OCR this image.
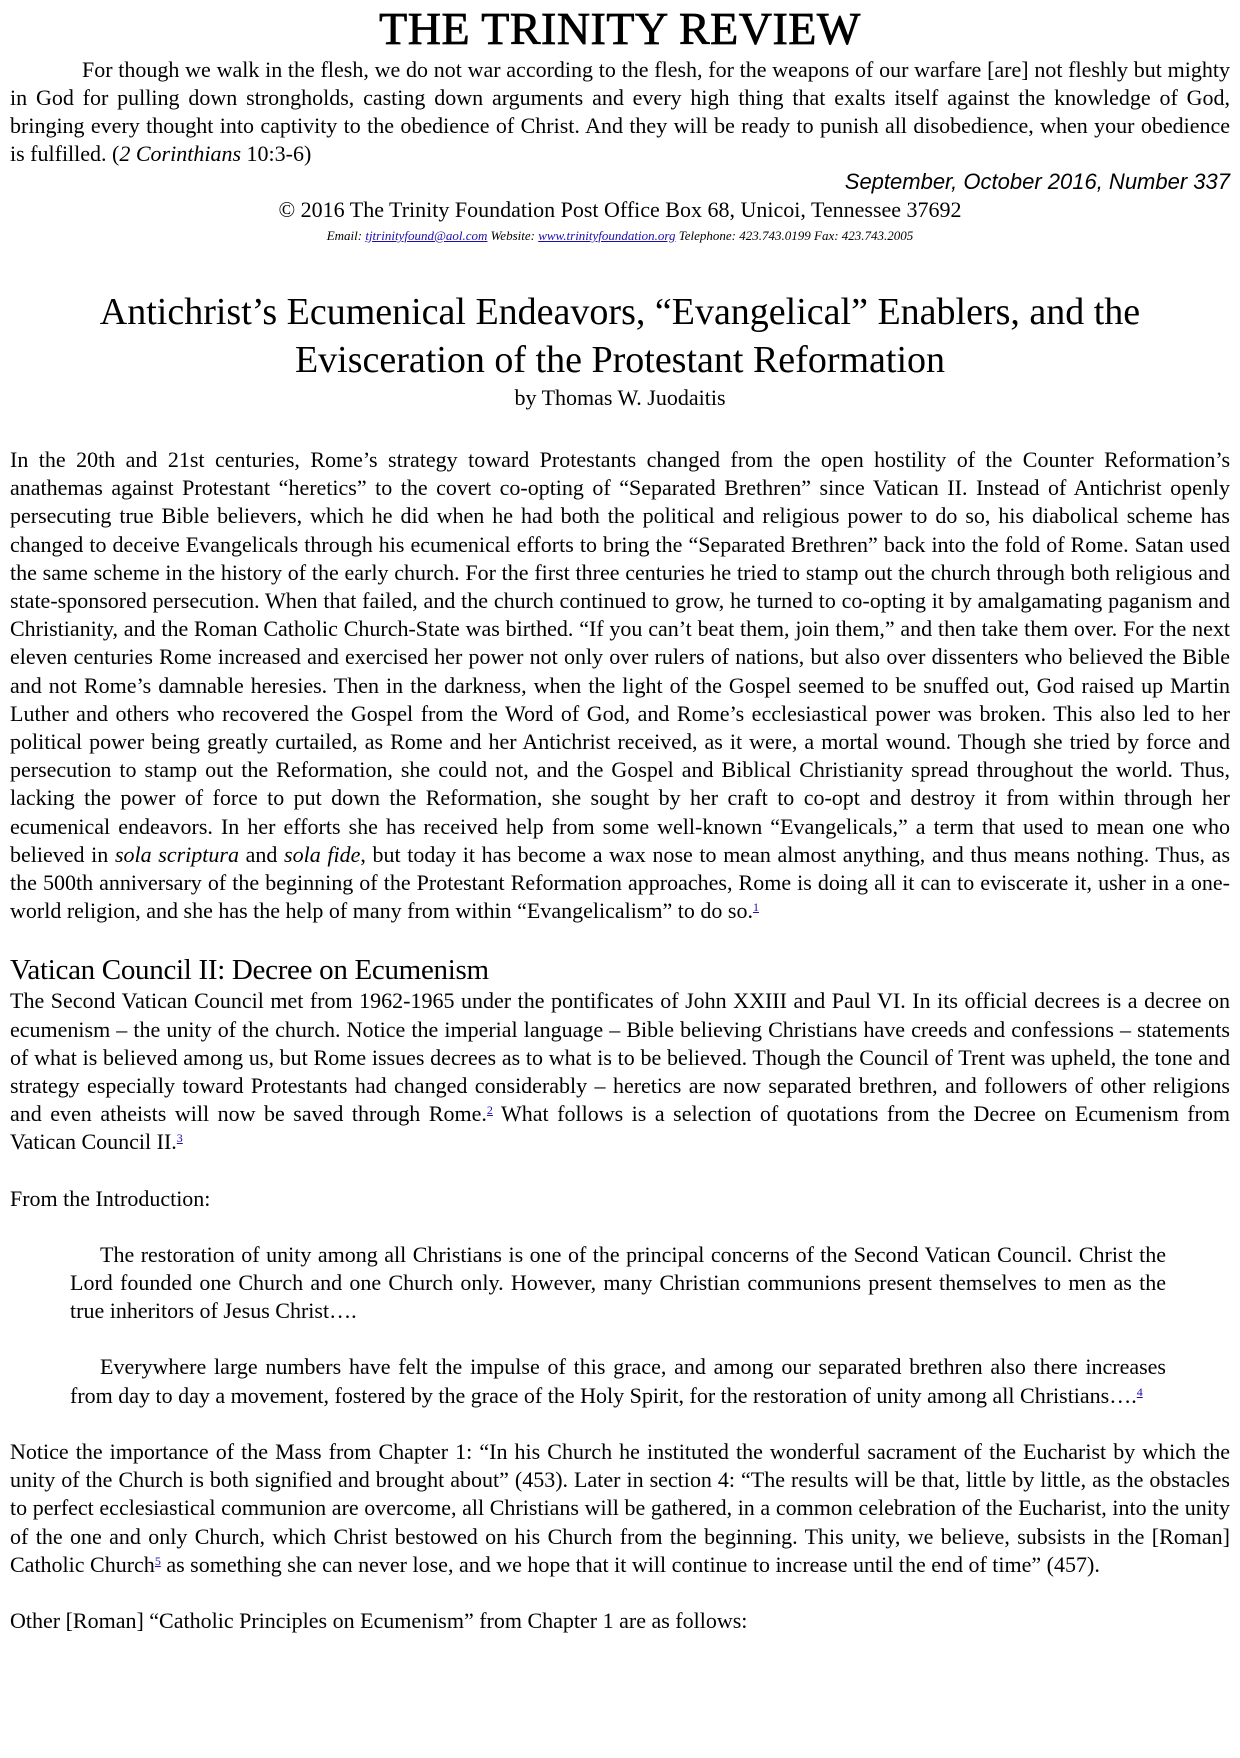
THE TRINITY REVIEW

For though we walk in the flesh, we do not war according to the flesh, for the weapons of our warfare [are] not fleshly but mighty in God for pulling down strongholds, casting down arguments and every high thing that exalts itself against the knowledge of God, bringing every thought into captivity to the obedience of Christ. And they will be ready to punish all disobedience, when your obedience is fulfilled. (2 Corinthians 10:3-6)

September, October 2016, Number 337

© 2016 The Trinity Foundation Post Office Box 68, Unicoi, Tennessee 37692

Email: tjtrinityfound@aol.com Website: www.trinityfoundation.org Telephone: 423.743.0199 Fax: 423.743.2005

Antichrist’s Ecumenical Endeavors, “Evangelical” Enablers, and the
Evisceration of the Protestant Reformation

by Thomas W. Juodaitis

In the 20th and 21st centuries, Rome’s strategy toward Protestants changed from the open hostility of the Counter Reformation’s anathemas against Protestant “heretics” to the covert co-opting of “Separated Brethren” since Vatican II. Instead of Antichrist openly persecuting true Bible believers, which he did when he had both the political and religious power to do so, his diabolical scheme has changed to deceive Evangelicals through his ecumenical efforts to bring the “Separated Brethren” back into the fold of Rome. Satan used the same scheme in the history of the early church. For the first three centuries he tried to stamp out the church through both religious and state-sponsored persecution. When that failed, and the church continued to grow, he turned to co-opting it by amalgamating paganism and Christianity, and the Roman Catholic Church-State was birthed. “If you can’t beat them, join them,” and then take them over. For the next eleven centuries Rome increased and exercised her power not only over rulers of nations, but also over dissenters who believed the Bible and not Rome’s damnable heresies. Then in the darkness, when the light of the Gospel seemed to be snuffed out, God raised up Martin Luther and others who recovered the Gospel from the Word of God, and Rome’s ecclesiastical power was broken. This also led to her political power being greatly curtailed, as Rome and her Antichrist received, as it were, a mortal wound. Though she tried by force and persecution to stamp out the Reformation, she could not, and the Gospel and Biblical Christianity spread throughout the world. Thus, lacking the power of force to put down the Reformation, she sought by her craft to co-opt and destroy it from within through her ecumenical endeavors. In her efforts she has received help from some well-known “Evangelicals,” a term that used to mean one who believed in sola scriptura and sola fide, but today it has become a wax nose to mean almost anything, and thus means nothing. Thus, as the 500th anniversary of the beginning of the Protestant Reformation approaches, Rome is doing all it can to eviscerate it, usher in a one-world religion, and she has the help of many from within “Evangelicalism” to do so.$^1$

Vatican Council II: Decree on Ecumenism

The Second Vatican Council met from 1962-1965 under the pontificates of John XXIII and Paul VI. In its official decrees is a decree on ecumenism – the unity of the church. Notice the imperial language – Bible believing Christians have creeds and confessions – statements of what is believed among us, but Rome issues decrees as to what is to be believed. Though the Council of Trent was upheld, the tone and strategy especially toward Protestants had changed considerably – heretics are now separated brethren, and followers of other religions and even atheists will now be saved through Rome.$^2$ What follows is a selection of quotations from the Decree on Ecumenism from Vatican Council II.$^3$

From the Introduction:

The restoration of unity among all Christians is one of the principal concerns of the Second Vatican Council. Christ the Lord founded one Church and one Church only. However, many Christian communions present themselves to men as the true inheritors of Jesus Christ….

Everywhere large numbers have felt the impulse of this grace, and among our separated brethren also there increases from day to day a movement, fostered by the grace of the Holy Spirit, for the restoration of unity among all Christians….$^4$

Notice the importance of the Mass from Chapter 1: “In his Church he instituted the wonderful sacrament of the Eucharist by which the unity of the Church is both signified and brought about” (453). Later in section 4: “The results will be that, little by little, as the obstacles to perfect ecclesiastical communion are overcome, all Christians will be gathered, in a common celebration of the Eucharist, into the unity of the one and only Church, which Christ bestowed on his Church from the beginning. This unity, we believe, subsists in the [Roman] Catholic Church$^5$ as something she can never lose, and we hope that it will continue to increase until the end of time” (457).

Other [Roman] “Catholic Principles on Ecumenism” from Chapter 1 are as follows:
